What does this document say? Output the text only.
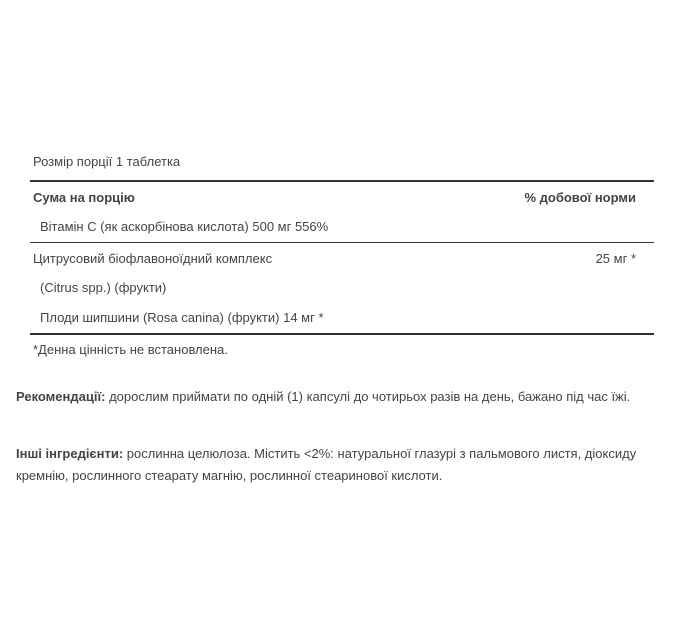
Розмір порції 1 таблетка
Сума на порцію	% добової норми
Вітамін C (як аскорбінова кислота) 500 мг 556%
Цитрусовий біофлавоноїдний комплекс	25 мг *
(Citrus spp.) (фрукти)
Плоди шипшини (Rosa canina) (фрукти) 14 мг *
*Денна цінність не встановлена.

Рекомендації: дорослим приймати по одній (1) капсулі до чотирьох разів на день, бажано під час їжі.

Інші інгредієнти: рослинна целюлоза. Містить <2%: натуральної глазурі з пальмового листя, діоксиду кремнію, рослинного стеарату магнію, рослинної стеаринової кислоти.
